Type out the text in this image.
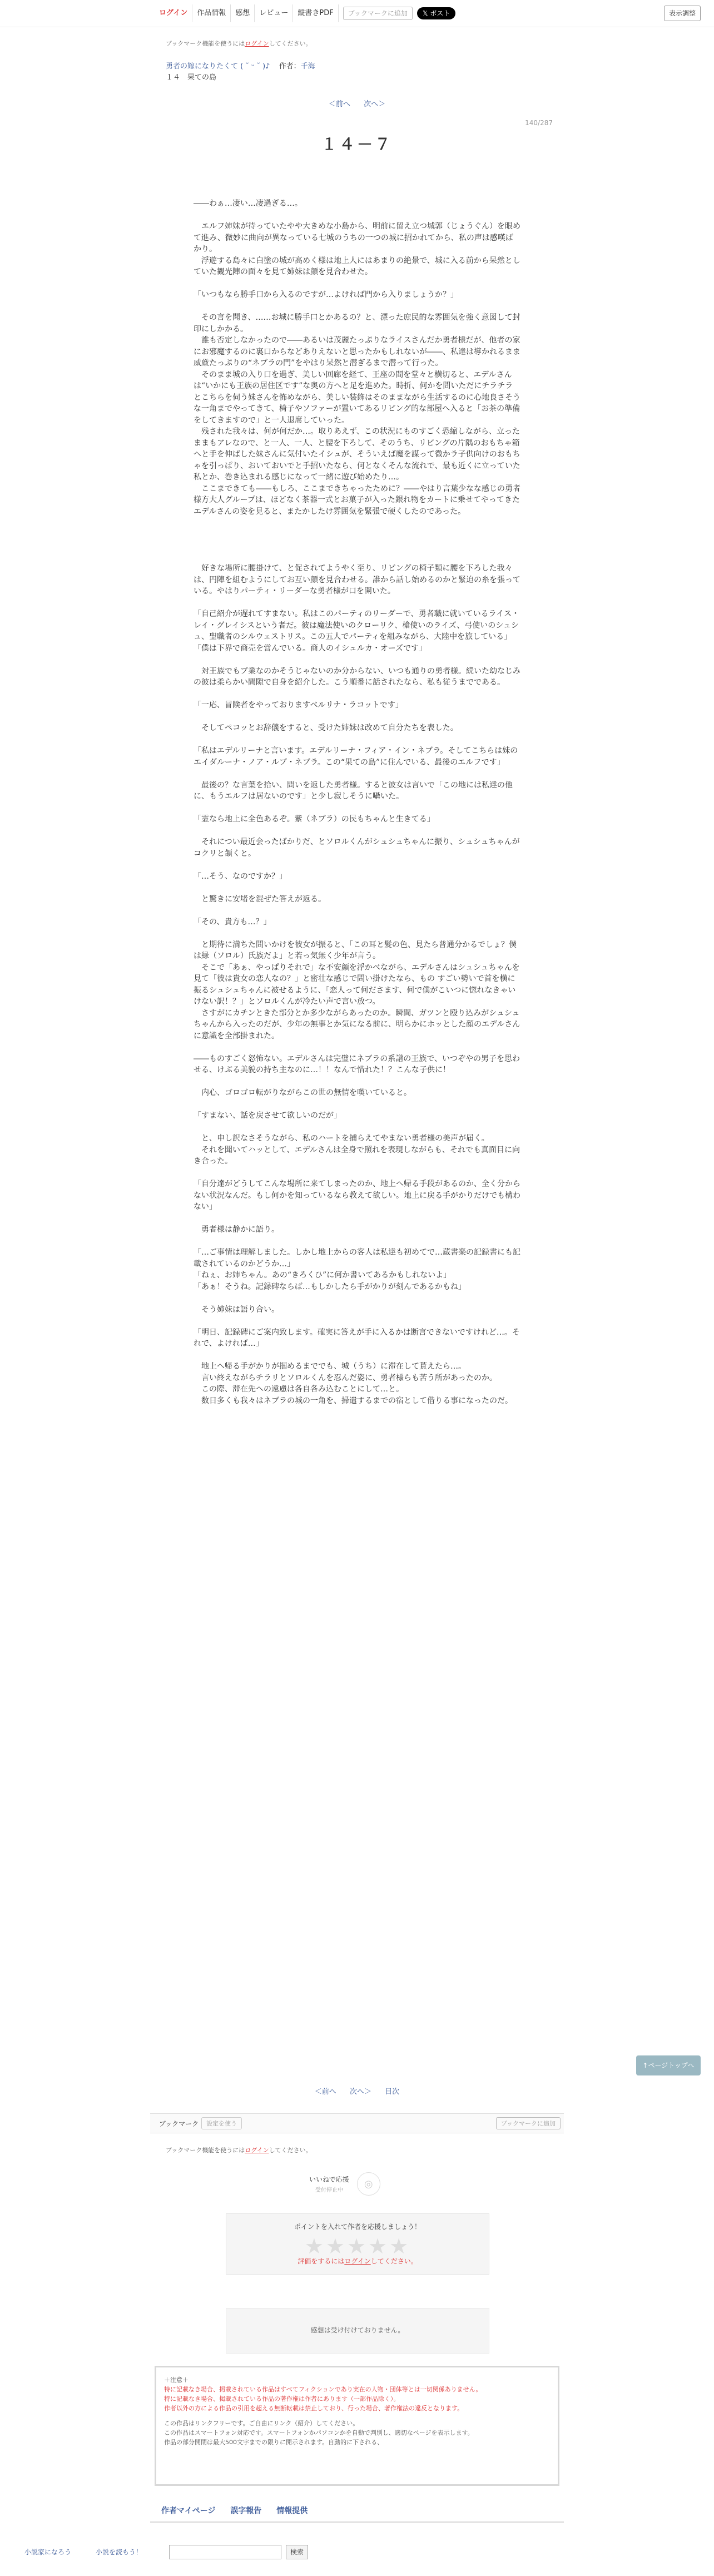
ログイン	作品情報	感想	レビュー	縦書きPDF	ブックマークに追加	𝕏 ポスト	表示調整
ブックマーク機能を使うにはログインしてください。
勇者の嫁になりたくて ( ˘ ᵕ ˘ )♪ 作者：千海
１４　果ての島
＜前へ 次へ＞
140/287
１４－７

――わぁ…凄い…凄過ぎる…。

　エルフ姉妹が待っていたやや大きめな小島から、明前に留え立つ城郭（じょうぐん）を眼めて進み、微妙に曲向が異なっている七城のうちの一つの城に招かれてから、私の声は感嘆ばかり。

　浮遊する島々に白塗の城が高めく様は地上人にはあまりの絶景で、城に入る前から呆然としていた観光陣の面々を見て姉妹は顔を見合わせた。

「いつもなら勝手口から入るのですが…よければ門から入りましょうか？」

　その言を聞き、……お城に勝手口とかあるの？と、漂った庶民的な雰囲気を強く意図して封印にしかかる。

　誰も否定しなかったので――あるいは茂麗たっぷりなライスさんだか勇者様だが、他者の家にお邪魔するのに裏口からなどありえないと思ったかもしれないが――、私達は導かれるまま威厳たっぷりの“ネブラの門”をやはり呆然と潜ぎるまで潜って行った。

　そのまま城の入り口を過ぎ、美しい回廊を経て、王座の間を堂々と横切ると、エデルさんは“いかにも王族の居住区です”な奥の方へと足を進めた。時折、何かを問いただにチラチラとこちらを伺う妹さんを怖めながら、美しい装飾はそのままながら生活するのに心地良さそうな一角までやってきて、椅子やソファーが置いてあるリビング的な部屋へ入ると「お茶の準備をしてきますので」と一人退席していった。

　残された我々は、何が何だか…。取りあえず、この状況にものすごく恐縮しながら、立ったままもアレなので、と一人、一人、と腰を下ろして、そのうち、リビングの片隅のおもちゃ箱へと手を伸ばした妹さんに気付いたイシュが、そういえば魔を謀って微かラ子供向けのおもちゃを引っぱり、おいておいでと手招いたなら、何となくそんな流れで、最も近くに立っていた私とか、巻き込まれる感じになって一緒に遊び始めたり…。

　ここまできても――もしろ、ここまできちゃったために？――やはり言葉少なな感じの勇者様方大人グループは、ほどなく茶器一式とお菓子が入った銀れ物をカートに乗せてやってきたエデルさんの姿を見ると、またかしたけ雰囲気を緊張で硬くしたのであった。

　好きな場所に腰掛けて、と促されてようやく至り、リビングの椅子類に腰を下ろした我々は、円陣を組むようにしてお互い顔を見合わせる。誰から話し始めるのかと緊迫の糸を張っている。やはりパーティ・リーダーな勇者様が口を開いた。

「自己紹介が遅れてすまない。私はこのパーティのリーダーで、勇者職に就いているライス・レイ・グレイシスという者だ。彼は魔法使いのクローリク、槍使いのライズ、弓使いのシュシュ、聖職者のシルウェストリス。この五人でパーティを組みながら、大陸中を旅している」

「僕は下界で商売を営んでいる。商人のイシュルカ・オーズです」

　対王族でもプ業なのかそうじゃないのか分からない、いつも通りの勇者様。続いた幼なじみの彼は柔らかい間隙で自身を紹介した。こう順番に話されたなら、私も従うまでである。

「一応、冒険者をやっておりますベルリナ・ラコットです」

　そしてペコッとお辞儀をすると、受けた姉妹は改めて自分たちを表した。

「私はエデルリーナと言います。エデルリーナ・フィア・イン・ネブラ。そしてこちらは妹のエイダルーナ・ノア・ルブ・ネブラ。この“果ての島”に住んでいる、最後のエルフです」

　最後の？な言葉を拾い、問いを返した勇者様。すると彼女は言いで「この地には私達の他に、もうエルフは居ないのです」と少し寂しそうに囁いた。

「霊なら地上に全色あるぞ。紫（ネブラ）の民もちゃんと生きてる」

　それについ最近会ったばかりだ、とソロルくんがシュシュちゃんに振り、シュシュちゃんがコクリと頷くと。

「…そう、なのですか？」

　と驚きに安堵を混ぜた答えが返る。

「その、貴方も…？」

　と期待に満ちた問いかけを彼女が振ると、「この耳と髪の色、見たら普通分かるでしょ？僕は緑（ソロル）氏族だよ」と若っ気無く少年が言う。

　そこで「あぁ、やっぱりそれで」な不安顔を浮かべながら、エデルさんはシュシュちゃんを見て「彼は貴女の恋人なの？」と密壮な感じで問い掛けたなら、もの すごい勢いで首を横に振るシュシュちゃんに被せるように、「恋人って何ださます、何で僕がこいつに惚れなきゃいけない訳！？」とソロルくんが冷たい声で言い放つ。

　さすがにカチンときた部分とか多少ながらあったのか。瞬間、ガツンと殴り込みがシュシュちゃんから入ったのだが、少年の無事とか気になる前に、明らかにホッとした顔のエデルさんに意識を全部掛まれた。

――ものすごく怒怖ない。エデルさんは完璧にネブラの系譜の王族で、いつぞやの男子を思わせる、けぶる美貌の持ち主なのに…！！なんで惜れた！？こんな子供に！

　内心、ゴロゴロ転がりながらこの世の無情を嘆いていると。

「すまない、話を戻させて欲しいのだが」

　と、申し訳なさそうながら、私のハートを捕らえてやまない勇者様の美声が届く。

　それを聞いてハッとして、エデルさんは全身で照れを表現しながらも、それでも真面目に向き合った。

「自分達がどうしてこんな場所に来てしまったのか、地上へ帰る手段があるのか、全く分からない状況なんだ。もし何かを知っているなら教えて欲しい。地上に戻る手がかりだけでも構わない」

　勇者様は静かに語り。

「…ご事情は理解しました。しかし地上からの客人は私達も初めてで…蔵書楽の記録書にも記載されているのかどうか…」

「ねぇ、お姉ちゃん。あの“きろくひ”に何か書いてあるかもしれないよ」

「あぁ！そうね。記録碑ならば…もしかしたら手がかりが刻んであるかもね」

　そう姉妹は語り合い。

「明日、記録碑にご案内致します。確実に答えが手に入るかは断言できないですけれど…。それで、よければ…」

　地上へ帰る手がかりが掴めるまででも、城（うち）に滞在して貰えたら…。

　言い終えながらチラリとソロルくんを忍んだ姿に、勇者様らも苦う所があったのか。

　この際、滞在先への遠慮は各自各み込むことにして…と。

　数日多くも我々はネブラの城の一角を、掃遣するまでの宿として借りる事になったのだ。

↑ページトップへ
＜前へ 次へ＞ 目次
ブックマーク	設定を使う	ブックマークに追加
ブックマーク機能を使うにはログインしてください。
いいねで応援
受付停止中
◎
ポイントを入れて作者を応援しましょう！
★★★★★
評価をするにはログインしてください。
感想は受け付けておりません。
＋注意＋
特に記載なき場合、掲載されている作品はすべてフィクションであり実在の人物・団体等とは一切関係ありません。
特に記載なき場合、掲載されている作品の著作権は作者にあります（一部作品除く）。
作者以外の方による作品の引用を超える無断転載は禁止しており、行った場合、著作権法の違反となります。
この作品はリンクフリーです。ご自由にリンク（紹介）してください。
この作品はスマートフォン対応です。スマートフォンかパソコンかを自動で判別し、適切なページを表示します。
作品の部分開閉は最大500文字までの限りに開示されます。自動的に下される、
作者マイページ 誤字報告 情報提供
小説家になろう	小説を読もう！	検索
